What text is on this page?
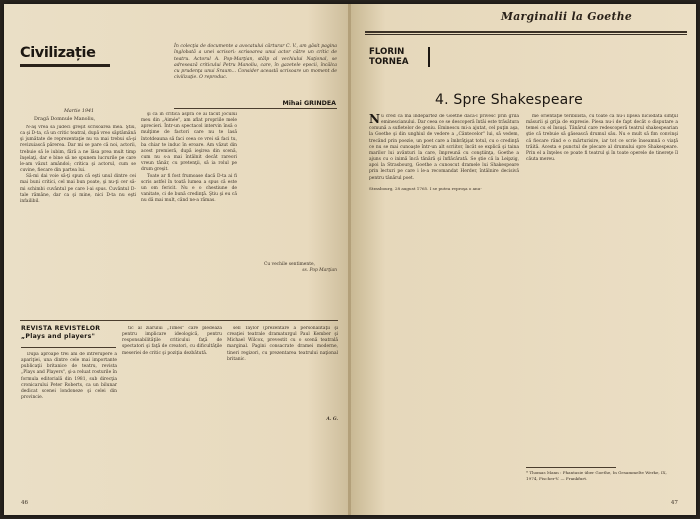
Civilizație	În colecţia de documente a avocatului cărturar C. V., am găsit pagina înglobată a unei scrisori: scrisoarea unui actor către un critic de teatru. Actorul A. Pop-Marţian, stâlp al vechiului Naţional, se adresează criticului Petru Manoliu, care, în gazetele epocii, încălca cu prudenţa unui Sraum... Consider această scrisoare un moment de civilizaţie. O reproduc.
Mihai GRINDEA
Martie 1941
Dragă Domnule Manoliu,

N-aş vrea să judeci greşit scrisoarea mea. Ştiu, ca şi D-ta, că un critic teatral, după vreo săptămână şi jumătate de reprezentaţie nu va mai trebui să-şi revizuiască părerea. Dar mi se pare că noi, actorii, trebuie să le iubim, fără a ne lăsa prea mult timp înşelaţi, dar e bine să ne spunem lucrurile pe care le-am văzut amândoi; critica şi actorul, cum se cuvine, fiecare din partea lui.

Să-mi dai voie să-ţi spun că eşti unul dintre cei mai buni critici, cel mai bun poate, şi nu-ţi cer să-mi schimbi cuvântul pe care l-ai spus. Cuvântul D-tale rămâne, dar ca şi mine, nici D-ta nu eşti infailibil.

şi că în critica aspră ce ai făcut jocului meu din „Aimée", am aflat propriile mele aprecieri. Într-un spectacol intervin însă o mulţime de factori care nu te lasă întotdeauna să faci ceea ce vrei să faci tu, ba chiar te induc în eroare. Am văzut din acest premieră, după ieşirea din scenă, cum nu s-a mai întâlnit decât rareori vreun tânăr, cu pretenţii, să ia rolul pe drum greşit.

Toate ar fi fost frumoase dacă D-ta ai fi scris astfel în toată lumea a spus că este un om fericit. Nu e o chestiune de vanitate, ci de bună credinţă. Ştiu şi eu că nu dă mai mult, când ne-a rămas.

Cu vechile sentimente,

ss. Pop Marţian

REVISTA REVISTELOR
„Plays and players"

După aproape trei ani de întrerupere a apariţiei, una dintre cele mai importante publicaţii britanice de teatru, revista „Plays and Players", şi-a reluat rosturile în formula editorială din 1981, sub direcţia cronicarului Peter Roberts, ca un bilunar dedicat scenei londoneze şi celei din provincie.

tic al ziarului „Times" care pledează pentru implicare ideologică, pentru responsabilităţile criticului faţă de spectatori şi faţă de creatori, cu dificultăţile meseriei de critic şi poziţia dezbătută.

sell Taylor (prezentare a personalităţii şi creaţiei teatrale dramaturgul Paul Kember şi Michael Wilcox, prevestit cu o scenă teatrală marginal. Pagini consacrate dramei moderne, tineri regizori, cu prezentarea teatrului naţional britanic.

A. G.

46
Marginalii la Goethe
FLORIN
TORNEA
4. Spre Shakespeare

Nu cred că mă îndepărtez de Goethe dacă-l privesc prin grila eminescianului. Dar ceea ce se descoperă întâi este trăsătura comună a sufletelor de geniu. Eminescu mi-a ajutat, cel puţin aşa, la Goethe şi din unghiul de vedere a „Cântecelor" lui, să vedem, trecând prin poezie, un poet care a îmbrăţişat totul, cu o credinţă ce nu se mai cunoaşte într-un alt scriitor, încât se explică şi taina marilor lui avânturi la care, împreună cu conştiinţa, Goethe a ajuns cu o inimă încă tânără şi înflăcărată. Se ştie că la Leipzig, apoi la Strasbourg, Goethe a cunoscut dramele lui Shakespeare prin lecturi pe care i le-a recomandat Herder, întâlnire decisivă pentru tânărul poet.

Strasbourg, 28 august 1765. I se putea reproşa o anu-

me orientaţie teribilistă, cu toate că nu-i lipsea niciodată simţul măsurii şi grija de expresie. Piesa nu-i de fapt decât o disputare a temei cu el însuşi. Tânărul care redescoperă teatrul shakespearian ştie că trebuie să găsească drumul său. Nu e mult să fim convinşi că fiecare rând e o mărturisire, iar tot ce scrie înseamnă o viaţă trăită. Acesta e punctul de plecare al drumului spre Shakespeare. Prin el a înţeles ce poate fi teatrul şi în toate operele de tinereţe îl căuta mereu.

* Thomas Mann : Phantasie über Goethe, în Gesammelte Werke, IX, 1974, Fischer-V. — Frankfurt.
47
